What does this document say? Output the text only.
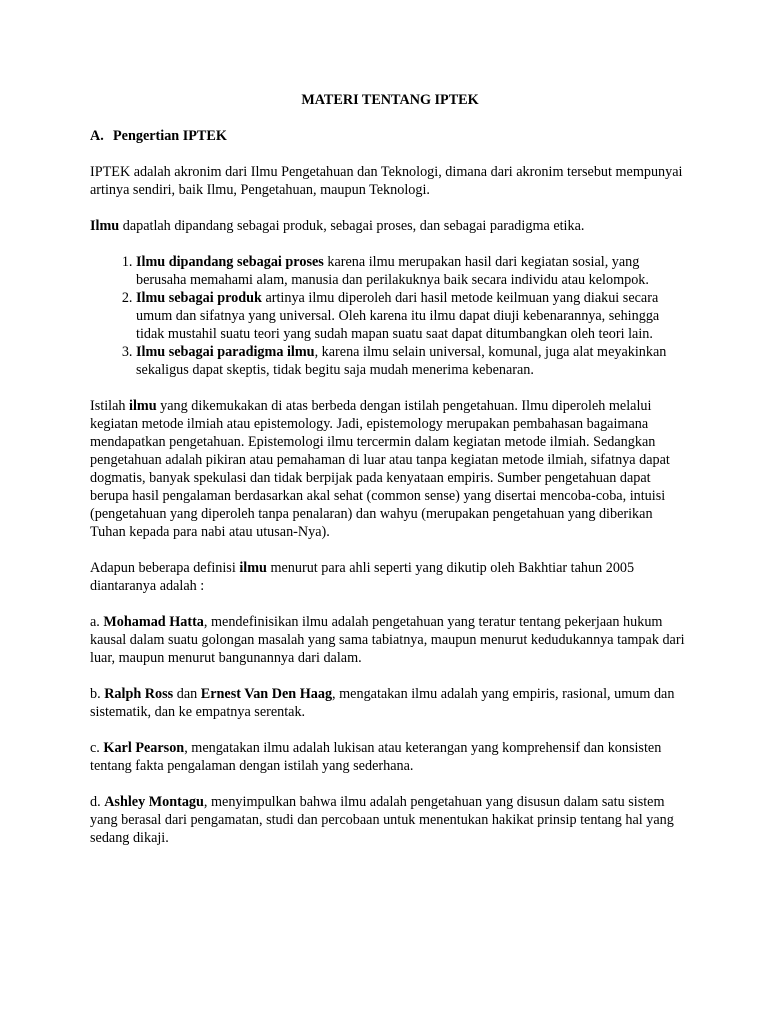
MATERI TENTANG IPTEK
A. Pengertian IPTEK

IPTEK adalah akronim dari Ilmu Pengetahuan dan Teknologi, dimana dari akronim tersebut mempunyai artinya sendiri, baik Ilmu, Pengetahuan, maupun Teknologi.

Ilmu dapatlah dipandang sebagai produk, sebagai proses, dan sebagai paradigma etika.

1. Ilmu dipandang sebagai proses karena ilmu merupakan hasil dari kegiatan sosial, yang berusaha memahami alam, manusia dan perilakuknya baik secara individu atau kelompok.
2. Ilmu sebagai produk artinya ilmu diperoleh dari hasil metode keilmuan yang diakui secara umum dan sifatnya yang universal. Oleh karena itu ilmu dapat diuji kebenarannya, sehingga tidak mustahil suatu teori yang sudah mapan suatu saat dapat ditumbangkan oleh teori lain.
3. Ilmu sebagai paradigma ilmu, karena ilmu selain universal, komunal, juga alat meyakinkan sekaligus dapat skeptis, tidak begitu saja mudah menerima kebenaran.

Istilah ilmu yang dikemukakan di atas berbeda dengan istilah pengetahuan. Ilmu diperoleh melalui kegiatan metode ilmiah atau epistemology. Jadi, epistemology merupakan pembahasan bagaimana mendapatkan pengetahuan. Epistemologi ilmu tercermin dalam kegiatan metode ilmiah. Sedangkan pengetahuan adalah pikiran atau pemahaman di luar atau tanpa kegiatan metode ilmiah, sifatnya dapat dogmatis, banyak spekulasi dan tidak berpijak pada kenyataan empiris. Sumber pengetahuan dapat berupa hasil pengalaman berdasarkan akal sehat (common sense) yang disertai mencoba-coba, intuisi (pengetahuan yang diperoleh tanpa penalaran) dan wahyu (merupakan pengetahuan yang diberikan Tuhan kepada para nabi atau utusan-Nya).

Adapun beberapa definisi ilmu menurut para ahli seperti yang dikutip oleh Bakhtiar tahun 2005 diantaranya adalah :

a. Mohamad Hatta, mendefinisikan ilmu adalah pengetahuan yang teratur tentang pekerjaan hukum kausal dalam suatu golongan masalah yang sama tabiatnya, maupun menurut kedudukannya tampak dari luar, maupun menurut bangunannya dari dalam.

b. Ralph Ross dan Ernest Van Den Haag, mengatakan ilmu adalah yang empiris, rasional, umum dan sistematik, dan ke empatnya serentak.

c. Karl Pearson, mengatakan ilmu adalah lukisan atau keterangan yang komprehensif dan konsisten tentang fakta pengalaman dengan istilah yang sederhana.

d. Ashley Montagu, menyimpulkan bahwa ilmu adalah pengetahuan yang disusun dalam satu sistem yang berasal dari pengamatan, studi dan percobaan untuk menentukan hakikat prinsip tentang hal yang sedang dikaji.
